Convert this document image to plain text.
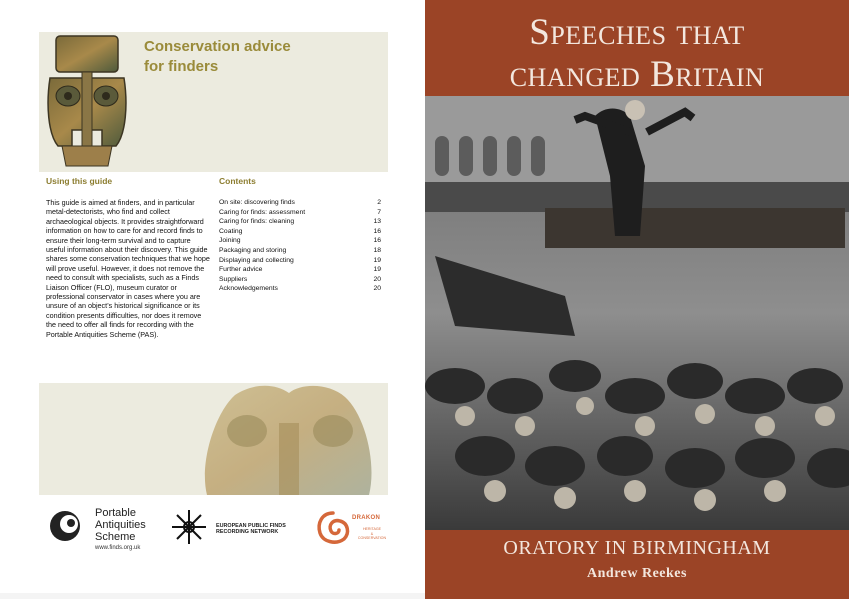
Conservation advice
for finders
Using this guide	Contents
This guide is aimed at finders, and in particular metal-detectorists, who find and collect archaeological objects. It provides straightforward information on how to care for and record finds to ensure their long-term survival and to capture useful information about their discovery. This guide shares some conservation techniques that we hope will prove useful. However, it does not remove the need to consult with specialists, such as a Finds Liaison Officer (FLO), museum curator or professional conservator in cases where you are unsure of an object’s historical significance or its condition presents difficulties, nor does it remove the need to offer all finds for recording with the Portable Antiquities Scheme (PAS).
On site: discovering finds	2
Caring for finds: assessment	7
Caring for finds: cleaning	13
Coating	16
Joining	16
Packaging and storing	18
Displaying and collecting	19
Further advice	19
Suppliers	20
Acknowledgements	20
Portable
Antiquities
Scheme
www.finds.org.uk
EUROPEAN PUBLIC FINDS
RECORDING NETWORK
DRAKON
HERITAGE
&
CONSERVATION
Speeches that
changed Britain
ORATORY IN BIRMINGHAM
Andrew Reekes
